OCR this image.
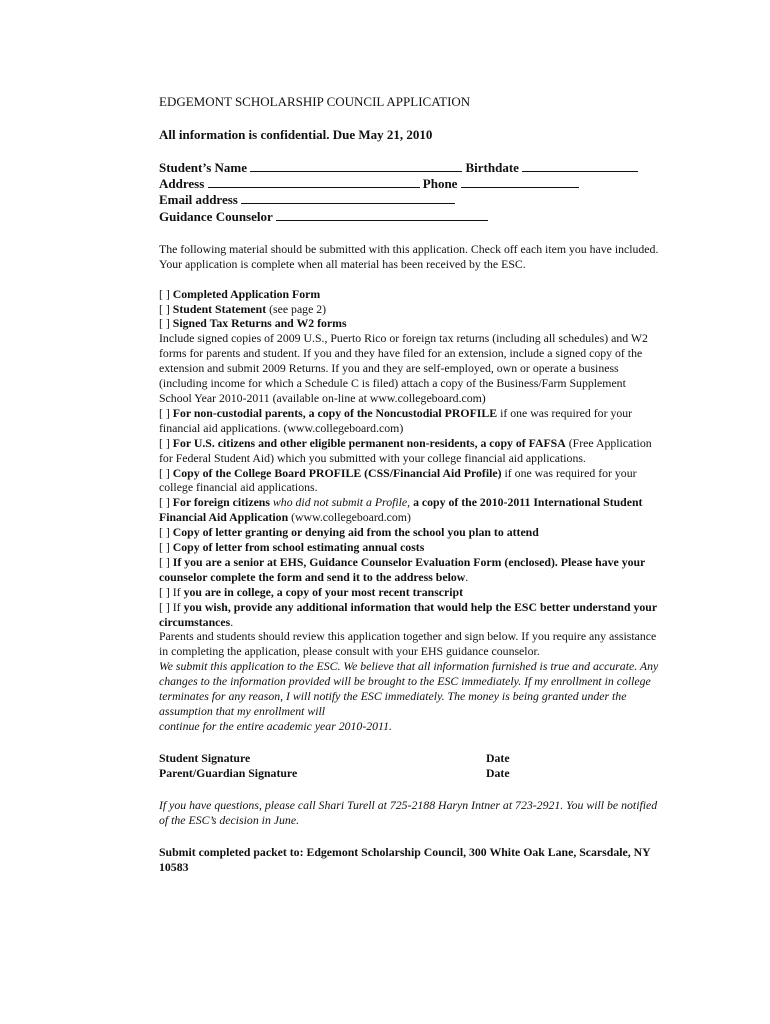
EDGEMONT SCHOLARSHIP COUNCIL APPLICATION
All information is confidential. Due May 21, 2010
Student’s Name	Birthdate
Address	Phone
Email address
Guidance Counselor
The following material should be submitted with this application. Check off each item you have included. Your application is complete when all material has been received by the ESC.
[ ] Completed Application Form
[ ] Student Statement (see page 2)
[ ] Signed Tax Returns and W2 forms
Include signed copies of 2009 U.S., Puerto Rico or foreign tax returns (including all schedules) and W2 forms for parents and student. If you and they have filed for an extension, include a signed copy of the extension and submit 2009 Returns. If you and they are self-employed, own or operate a business (including income for which a Schedule C is filed) attach a copy of the Business/Farm Supplement School Year 2010-2011 (available on-line at www.collegeboard.com)
[ ] For non-custodial parents, a copy of the Noncustodial PROFILE if one was required for your financial aid applications. (www.collegeboard.com)
[ ] For U.S. citizens and other eligible permanent non-residents, a copy of FAFSA (Free Application for Federal Student Aid) which you submitted with your college financial aid applications.
[ ] Copy of the College Board PROFILE (CSS/Financial Aid Profile) if one was required for your college financial aid applications.
[ ] For foreign citizens who did not submit a Profile, a copy of the 2010-2011 International Student Financial Aid Application (www.collegeboard.com)
[ ] Copy of letter granting or denying aid from the school you plan to attend
[ ] Copy of letter from school estimating annual costs
[ ] If you are a senior at EHS, Guidance Counselor Evaluation Form (enclosed). Please have your counselor complete the form and send it to the address below.
[ ] If you are in college, a copy of your most recent transcript
[ ] If you wish, provide any additional information that would help the ESC better understand your circumstances.
Parents and students should review this application together and sign below. If you require any assistance in completing the application, please consult with your EHS guidance counselor.
We submit this application to the ESC. We believe that all information furnished is true and accurate. Any changes to the information provided will be brought to the ESC immediately. If my enrollment in college terminates for any reason, I will notify the ESC immediately. The money is being granted under the assumption that my enrollment will
continue for the entire academic year 2010-2011.
Student Signature	Date
Parent/Guardian Signature	Date
If you have questions, please call Shari Turell at 725-2188 Haryn Intner at 723-2921. You will be notified of the ESC’s decision in June.
Submit completed packet to: Edgemont Scholarship Council, 300 White Oak Lane, Scarsdale, NY 10583
